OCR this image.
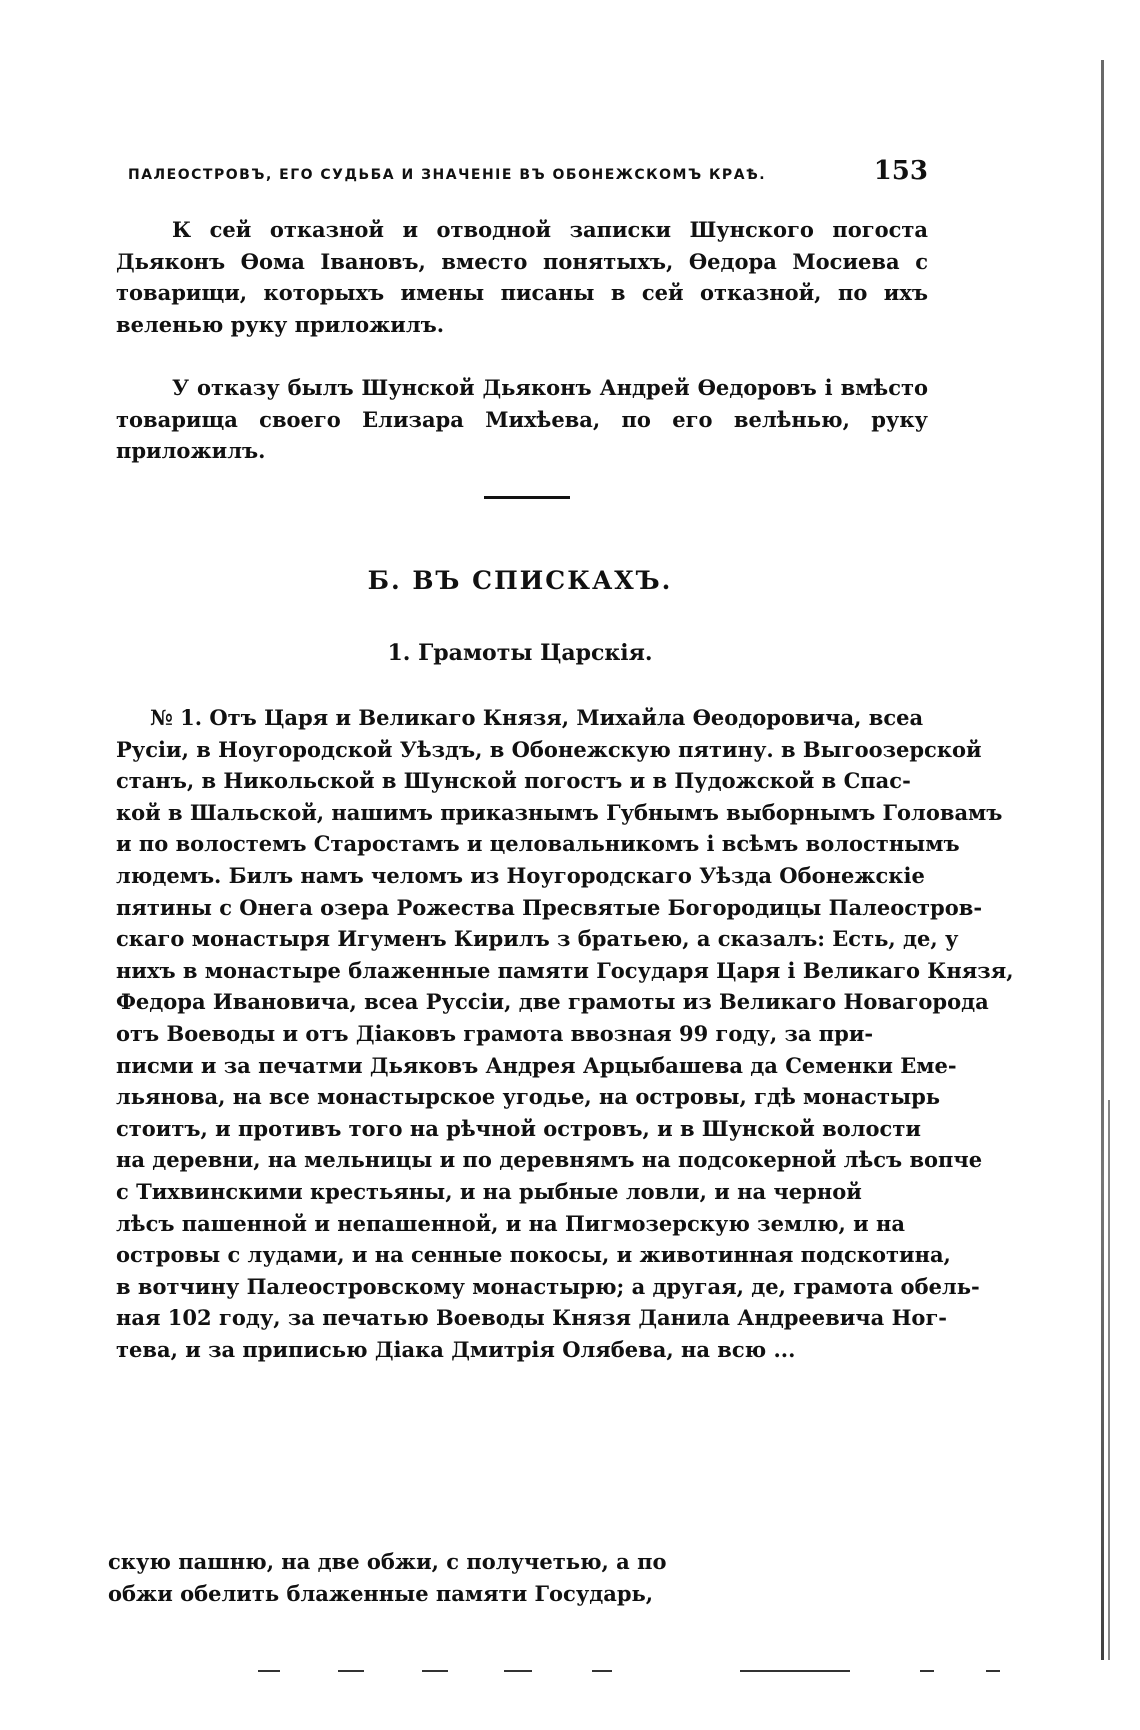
ПАЛЕОСТРОВЪ, ЕГО СУДЬБА И ЗНАЧЕНІЕ ВЪ ОБОНЕЖСКОМЪ КРАѢ.	153

К сей отказной и отводной записки Шунского погоста Дьяконъ Ѳома Івановъ, вместо понятыхъ, Ѳедора Мосиева с товарищи, которыхъ имены писаны в сей отказной, по ихъ веленью руку приложилъ.

У отказу былъ Шунской Дьяконъ Андрей Ѳедоровъ і вмѣсто товарища своего Елизара Михѣева, по его велѣнью, руку приложилъ.

Б. ВЪ СПИСКАХЪ.
1. Грамоты Царскія.
№ 1. Отъ Царя и Великаго Князя, Михайла Ѳеодоровича, всеа
Русіи, в Ноугородской Уѣздъ, в Обонежскую пятину. в Выгоозерской
станъ, в Никольской в Шунской погостъ и в Пудожской в Спас-
кой в Шальской, нашимъ приказнымъ Губнымъ выборнымъ Головамъ
и по волостемъ Старостамъ и целовальникомъ і всѣмъ волостнымъ
людемъ. Билъ намъ челомъ из Ноугородскаго Уѣзда Обонежскіе
пятины с Онега озера Рожества Пресвятые Богородицы Палеостров-
скаго монастыря Игуменъ Кирилъ з братьею, а сказалъ: Есть, де, у
нихъ в монастыре блаженные памяти Государя Царя і Великаго Князя,
Федора Ивановича, всеа Руссіи, две грамоты из Великаго Новагорода
отъ Воеводы и отъ Діаковъ грамота ввозная 99 году, за при-
писми и за печатми Дьяковъ Андрея Арцыбашева да Семенки Еме-
льянова, на все монастырское угодье, на островы, гдѣ монастырь
стоитъ, и противъ того на рѣчной островъ, и в Шунской волости
на деревни, на мельницы и по деревнямъ на подсокерной лѣсъ вопче
с Тихвинскими крестьяны, и на рыбные ловли, и на черной
лѣсъ пашенной и непашенной, и на Пигмозерскую землю, и на
островы с лудами, и на сенные покосы, и животинная подскотина,
в вотчину Палеостровскому монастырю; а другая, де, грамота обель-
ная 102 году, за печатью Воеводы Князя Данила Андреевича Ног-
тева, и за приписью Діака Дмитрія Олябева, на всю ...
скую пашню, на две обжи, с получетью, а по
обжи обелить блаженные памяти Государь,
